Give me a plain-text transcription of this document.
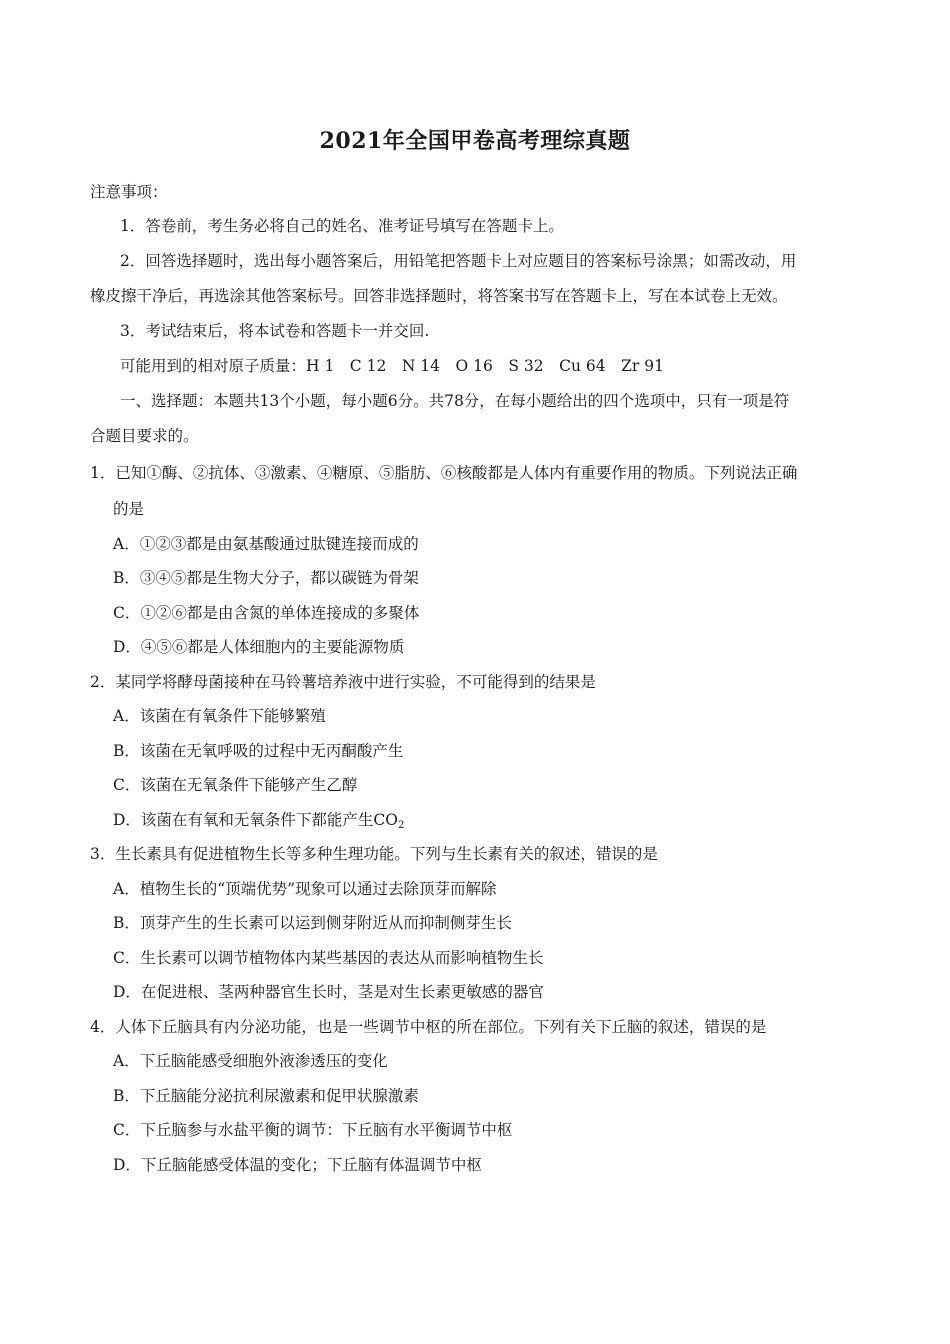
2021年全国甲卷高考理综真题
注意事项：
1．答卷前，考生务必将自己的姓名、准考证号填写在答题卡上。
2．回答选择题时，选出每小题答案后，用铅笔把答题卡上对应题目的答案标号涂黑；如需改动，用
橡皮擦干净后，再选涂其他答案标号。回答非选择题时，将答案书写在答题卡上，写在本试卷上无效。
3．考试结束后，将本试卷和答题卡一并交回.
可能用到的相对原子质量：H 1　C 12　N 14　O 16　S 32　Cu 64　Zr 91
一、选择题：本题共13个小题，每小题6分。共78分，在每小题给出的四个选项中，只有一项是符
合题目要求的。
1．已知①酶、②抗体、③激素、④糖原、⑤脂肪、⑥核酸都是人体内有重要作用的物质。下列说法正确
的是
A．①②③都是由氨基酸通过肽键连接而成的
B．③④⑤都是生物大分子，都以碳链为骨架
C．①②⑥都是由含氮的单体连接成的多聚体
D．④⑤⑥都是人体细胞内的主要能源物质
2．某同学将酵母菌接种在马铃薯培养液中进行实验，不可能得到的结果是
A．该菌在有氧条件下能够繁殖
B．该菌在无氧呼吸的过程中无丙酮酸产生
C．该菌在无氧条件下能够产生乙醇
D．该菌在有氧和无氧条件下都能产生$CO_2$
3．生长素具有促进植物生长等多种生理功能。下列与生长素有关的叙述，错误的是
A．植物生长的“顶端优势”现象可以通过去除顶芽而解除
B．顶芽产生的生长素可以运到侧芽附近从而抑制侧芽生长
C．生长素可以调节植物体内某些基因的表达从而影响植物生长
D．在促进根、茎两种器官生长时，茎是对生长素更敏感的器官
4．人体下丘脑具有内分泌功能，也是一些调节中枢的所在部位。下列有关下丘脑的叙述，错误的是
A．下丘脑能感受细胞外液渗透压的变化
B．下丘脑能分泌抗利尿激素和促甲状腺激素
C．下丘脑参与水盐平衡的调节：下丘脑有水平衡调节中枢
D．下丘脑能感受体温的变化；下丘脑有体温调节中枢
